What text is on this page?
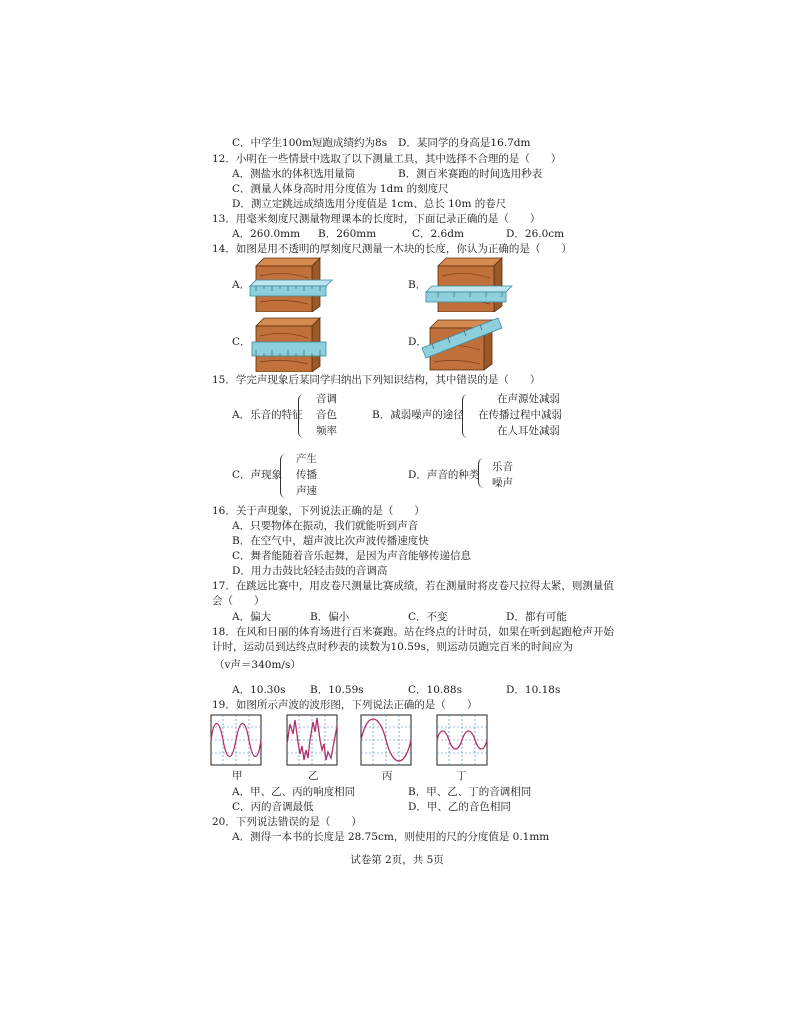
C．中学生100m短跑成绩约为8s D．某同学的身高是16.7dm
12．小明在一些情景中选取了以下测量工具，其中选择不合理的是（　　）
A．测盐水的体积选用量筒	B．测百米赛跑的时间选用秒表
C．测量人体身高时用分度值为 1dm 的刻度尺
D．测立定跳远成绩选用分度值是 1cm、总长 10m 的卷尺
13．用毫米刻度尺测量物理课本的长度时，下面记录正确的是（　　）
A．260.0mm B．260mm	C．2.6dm	D．26.0cm
14．如图是用不透明的厚刻度尺测量一木块的长度，你认为正确的是（　　）
A．	B．
C．	D．
15．学完声现象后某同学归纳出下列知识结构，其中错误的是（　　）
A．乐音的特征
音调
音色
频率
B．减弱噪声的途径
在声源处减弱
在传播过程中减弱
在人耳处减弱
C．声现象
产生
传播
声速
D．声音的种类
乐音
噪声
16．关于声现象，下列说法正确的是（　　）
A．只要物体在振动，我们就能听到声音
B．在空气中，超声波比次声波传播速度快
C．舞者能随着音乐起舞，是因为声音能够传递信息
D．用力击鼓比轻轻击鼓的音调高
17．在跳远比赛中，用皮卷尺测量比赛成绩，若在测量时将皮卷尺拉得太紧，则测量值
会（　　）
A．偏大	B．偏小	C．不变	D．都有可能
18．在风和日丽的体育场进行百米赛跑。站在终点的计时员，如果在听到起跑枪声开始
计时，运动员到达终点时秒表的读数为10.59s，则运动员跑完百米的时间应为
（v声＝340m/s）
A．10.30s B．10.59s	C．10.88s	D．10.18s
19．如图所示声波的波形图，下列说法正确的是（　　）
甲	乙	丙	丁
A．甲、乙、丙的响度相同	B．甲、乙、丁的音调相同
C．丙的音调最低	D．甲、乙的音色相同
20．下列说法错误的是（　　）
A．测得一本书的长度是 28.75cm，则使用的尺的分度值是 0.1mm
试卷第 2页，共 5页
